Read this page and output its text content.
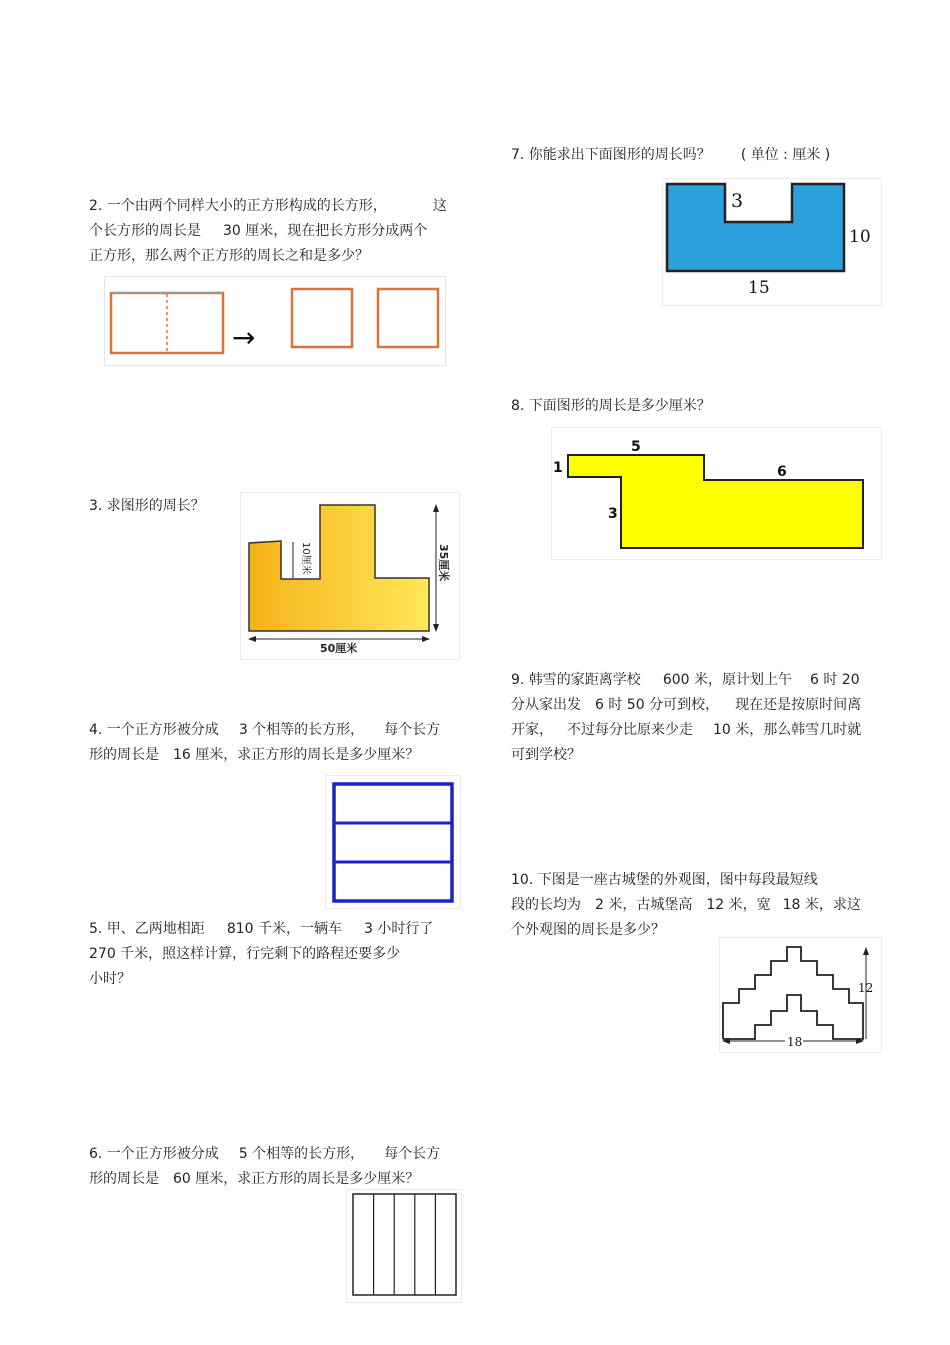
2. 一个由两个同样大小的正方形构成的长方形，	这
个长方形的周长是 30 厘米，现在把长方形分成两个
正方形，那么两个正方形的周长之和是多少？
→
3. 求图形的周长？
10厘米	35厘米
50厘米
4. 一个正方形被分成 3 个相等的长方形， 每个长方
形的周长是 16 厘米，求正方形的周长是多少厘米？
5. 甲、乙两地相距 810 千米，一辆车 3 小时行了
270 千米，照这样计算，行完剩下的路程还要多少
小时？
6. 一个正方形被分成 5 个相等的长方形， 每个长方
形的周长是 60 厘米，求正方形的周长是多少厘米？
7. 你能求出下面图形的周长吗？ ( 单位 : 厘米 )
3
10
15
8. 下面图形的周长是多少厘米？
5
1	6
3
9. 韩雪的家距离学校 600 米，原计划上午 6 时 20
分从家出发 6 时 50 分可到校， 现在还是按原时间离
开家， 不过每分比原来少走 10 米，那么韩雪几时就
可到学校？
10. 下图是一座古城堡的外观图，图中每段最短线
段的长均为 2 米，古城堡高 12 米，宽 18 米，求这
个外观图的周长是多少？
12
18
